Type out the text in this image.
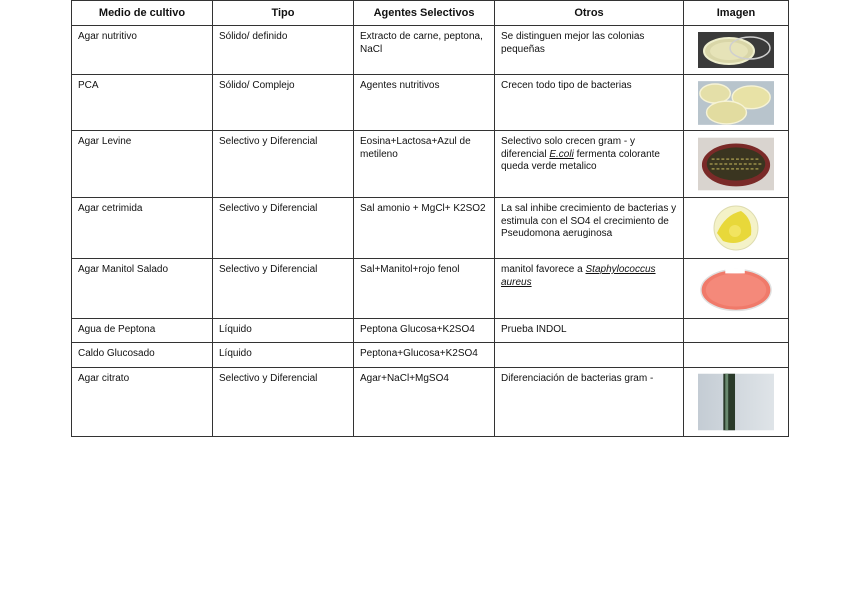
Medio de cultivo	Tipo	Agentes Selectivos	Otros	Imagen

Agar nutritivo	Sólido/ definido	Extracto de carne, peptona, NaCl	Se distinguen mejor las colonias pequeñas

PCA	Sólido/ Complejo	Agentes nutritivos	Crecen todo tipo de bacterias

Agar Levine	Selectivo y Diferencial	Eosina+Lactosa+Azul de metileno	Selectivo solo crecen gram - y diferencial E.coli fermenta colorante queda verde metalico

Agar cetrimida	Selectivo y Diferencial	Sal amonio + MgCl+ K2SO2	La sal inhibe crecimiento de bacterias y estimula con el SO4 el crecimiento de Pseudomona aeruginosa

Agar Manitol Salado	Selectivo y Diferencial	Sal+Manitol+rojo fenol	manitol favorece a Staphylococcus aureus

Agua de Peptona	Líquido	Peptona Glucosa+K2SO4	Prueba INDOL	

Caldo Glucosado	Líquido	Peptona+Glucosa+K2SO4		

Agar citrato	Selectivo y Diferencial	Agar+NaCl+MgSO4	Diferenciación de bacterias gram -
